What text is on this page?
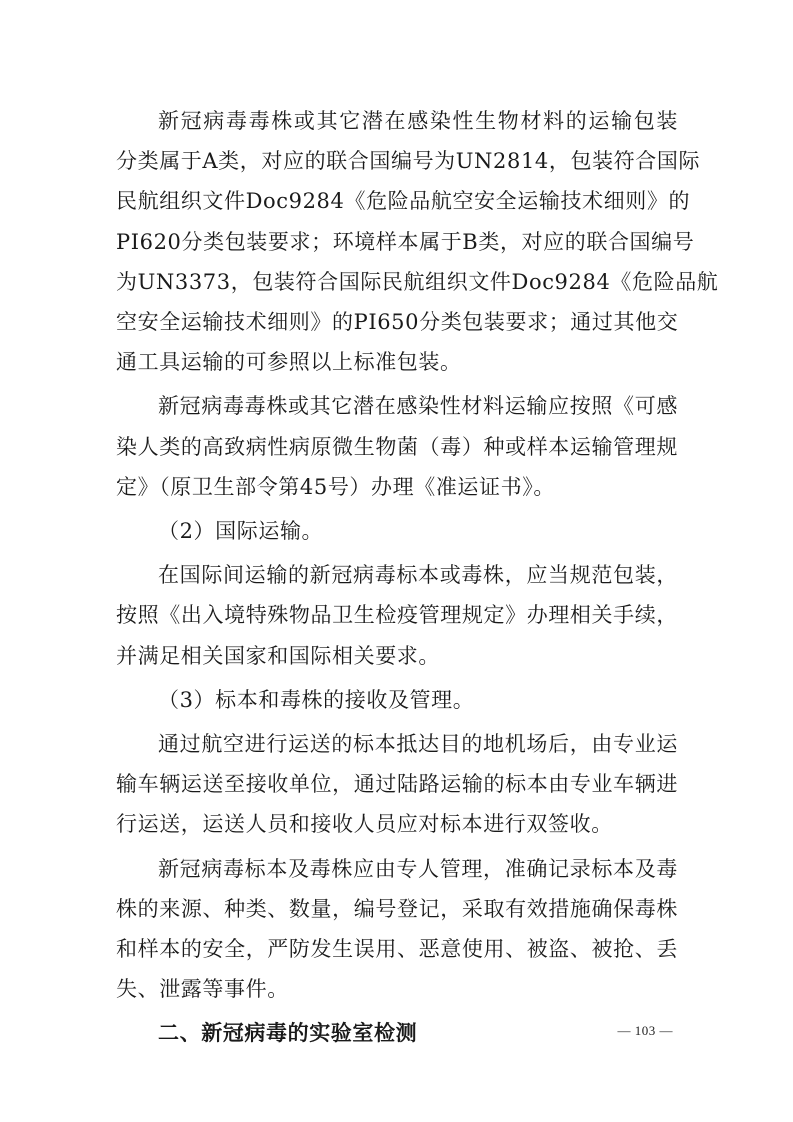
新冠病毒毒株或其它潜在感染性生物材料的运输包装
分类属于A类，对应的联合国编号为UN2814，包装符合国际
民航组织文件Doc9284《危险品航空安全运输技术细则》的
PI620分类包装要求；环境样本属于B类，对应的联合国编号
为UN3373，包装符合国际民航组织文件Doc9284《危险品航
空安全运输技术细则》的PI650分类包装要求；通过其他交
通工具运输的可参照以上标准包装。

新冠病毒毒株或其它潜在感染性材料运输应按照《可感
染人类的高致病性病原微生物菌（毒）种或样本运输管理规
定》（原卫生部令第45号）办理《准运证书》。

（2）国际运输。

在国际间运输的新冠病毒标本或毒株，应当规范包装，
按照《出入境特殊物品卫生检疫管理规定》办理相关手续，
并满足相关国家和国际相关要求。

（3）标本和毒株的接收及管理。

通过航空进行运送的标本抵达目的地机场后，由专业运
输车辆运送至接收单位，通过陆路运输的标本由专业车辆进
行运送，运送人员和接收人员应对标本进行双签收。

新冠病毒标本及毒株应由专人管理，准确记录标本及毒
株的来源、种类、数量，编号登记，采取有效措施确保毒株
和样本的安全，严防发生误用、恶意使用、被盗、被抢、丢
失、泄露等事件。

二、新冠病毒的实验室检测	— 103 —
